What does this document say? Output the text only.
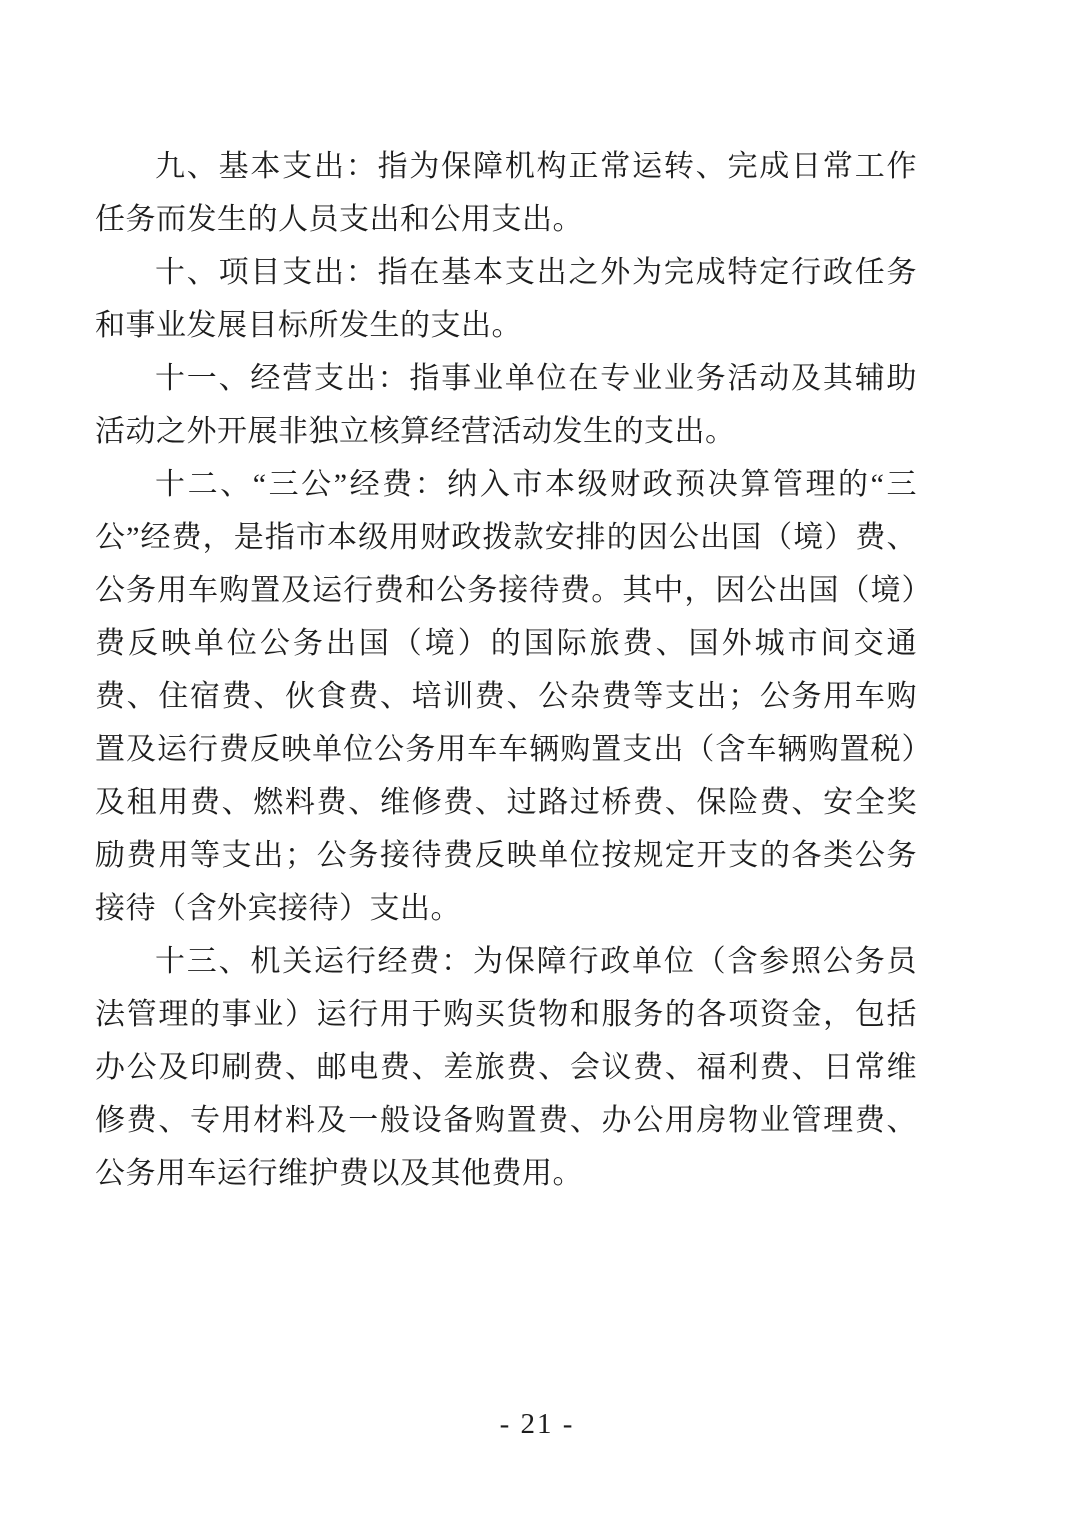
九、基本支出：指为保障机构正常运转、完成日常工作任务而发生的人员支出和公用支出。

十、项目支出：指在基本支出之外为完成特定行政任务和事业发展目标所发生的支出。

十一、经营支出：指事业单位在专业业务活动及其辅助活动之外开展非独立核算经营活动发生的支出。

十二、“三公”经费：纳入市本级财政预决算管理的“三公”经费，是指市本级用财政拨款安排的因公出国（境）费、公务用车购置及运行费和公务接待费。其中，因公出国（境）费反映单位公务出国（境）的国际旅费、国外城市间交通费、住宿费、伙食费、培训费、公杂费等支出；公务用车购置及运行费反映单位公务用车车辆购置支出（含车辆购置税）及租用费、燃料费、维修费、过路过桥费、保险费、安全奖励费用等支出；公务接待费反映单位按规定开支的各类公务接待（含外宾接待）支出。

十三、机关运行经费：为保障行政单位（含参照公务员法管理的事业）运行用于购买货物和服务的各项资金，包括办公及印刷费、邮电费、差旅费、会议费、福利费、日常维修费、专用材料及一般设备购置费、办公用房物业管理费、公务用车运行维护费以及其他费用。

- 21 -
